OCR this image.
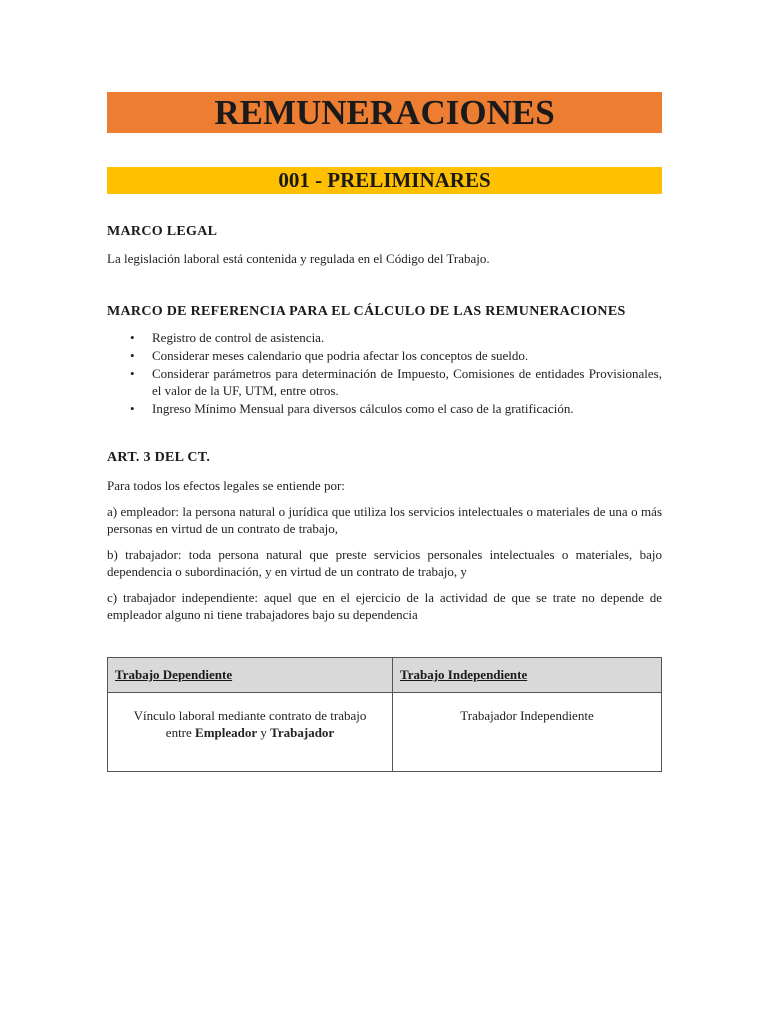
REMUNERACIONES
001 - PRELIMINARES
MARCO LEGAL
La legislación laboral está contenida y regulada en el Código del Trabajo.
MARCO DE REFERENCIA PARA EL CÁLCULO DE LAS REMUNERACIONES
• Registro de control de asistencia.
• Considerar meses calendario que podria afectar los conceptos de sueldo.
• Considerar parámetros para determinación de Impuesto, Comisiones de entidades Provisionales, el valor de la UF, UTM, entre otros.
• Ingreso Mínimo Mensual para diversos cálculos como el caso de la gratificación.
ART. 3 DEL CT.
Para todos los efectos legales se entiende por:
a) empleador: la persona natural o jurídica que utiliza los servicios intelectuales o materiales de una o más personas en virtud de un contrato de trabajo,
b) trabajador: toda persona natural que preste servicios personales intelectuales o materiales, bajo dependencia o subordinación, y en virtud de un contrato de trabajo, y
c) trabajador independiente: aquel que en el ejercicio de la actividad de que se trate no depende de empleador alguno ni tiene trabajadores bajo su dependencia
Trabajo Dependiente	Trabajo Independiente
Vínculo laboral mediante contrato de trabajo
entre Empleador y Trabajador	Trabajador Independiente
